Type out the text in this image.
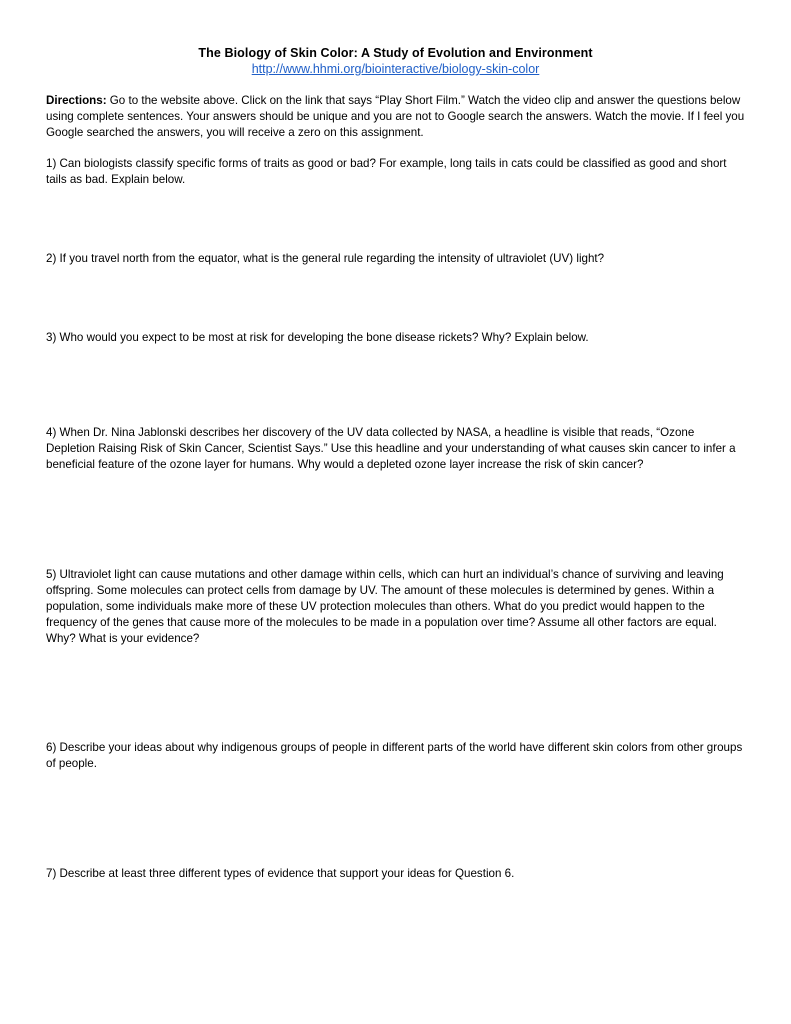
The Biology of Skin Color: A Study of Evolution and Environment
http://www.hhmi.org/biointeractive/biology-skin-color
Directions: Go to the website above. Click on the link that says “Play Short Film.” Watch the video clip and answer the questions below using complete sentences. Your answers should be unique and you are not to Google search the answers. Watch the movie. If I feel you Google searched the answers, you will receive a zero on this assignment.
1) Can biologists classify specific forms of traits as good or bad? For example, long tails in cats could be classified as good and short tails as bad. Explain below.
2) If you travel north from the equator, what is the general rule regarding the intensity of ultraviolet (UV) light?
3) Who would you expect to be most at risk for developing the bone disease rickets? Why? Explain below.
4) When Dr. Nina Jablonski describes her discovery of the UV data collected by NASA, a headline is visible that reads, “Ozone Depletion Raising Risk of Skin Cancer, Scientist Says.” Use this headline and your understanding of what causes skin cancer to infer a beneficial feature of the ozone layer for humans. Why would a depleted ozone layer increase the risk of skin cancer?
5) Ultraviolet light can cause mutations and other damage within cells, which can hurt an individual’s chance of surviving and leaving offspring. Some molecules can protect cells from damage by UV. The amount of these molecules is determined by genes. Within a population, some individuals make more of these UV protection molecules than others. What do you predict would happen to the frequency of the genes that cause more of the molecules to be made in a population over time? Assume all other factors are equal. Why? What is your evidence?
6) Describe your ideas about why indigenous groups of people in different parts of the world have different skin colors from other groups of people.
7) Describe at least three different types of evidence that support your ideas for Question 6.
